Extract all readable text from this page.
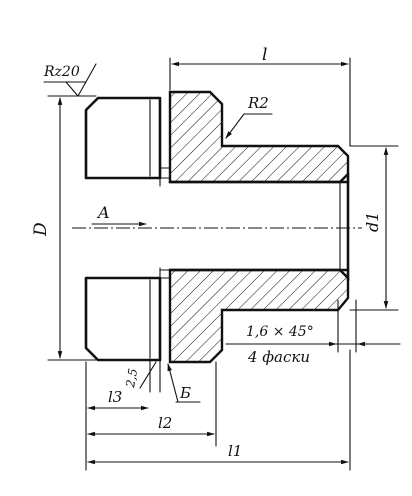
l
Rz20
D	d1
R2
A
1,6 × 45°
4 фаски
2,5
Б
l3
l2
l1
